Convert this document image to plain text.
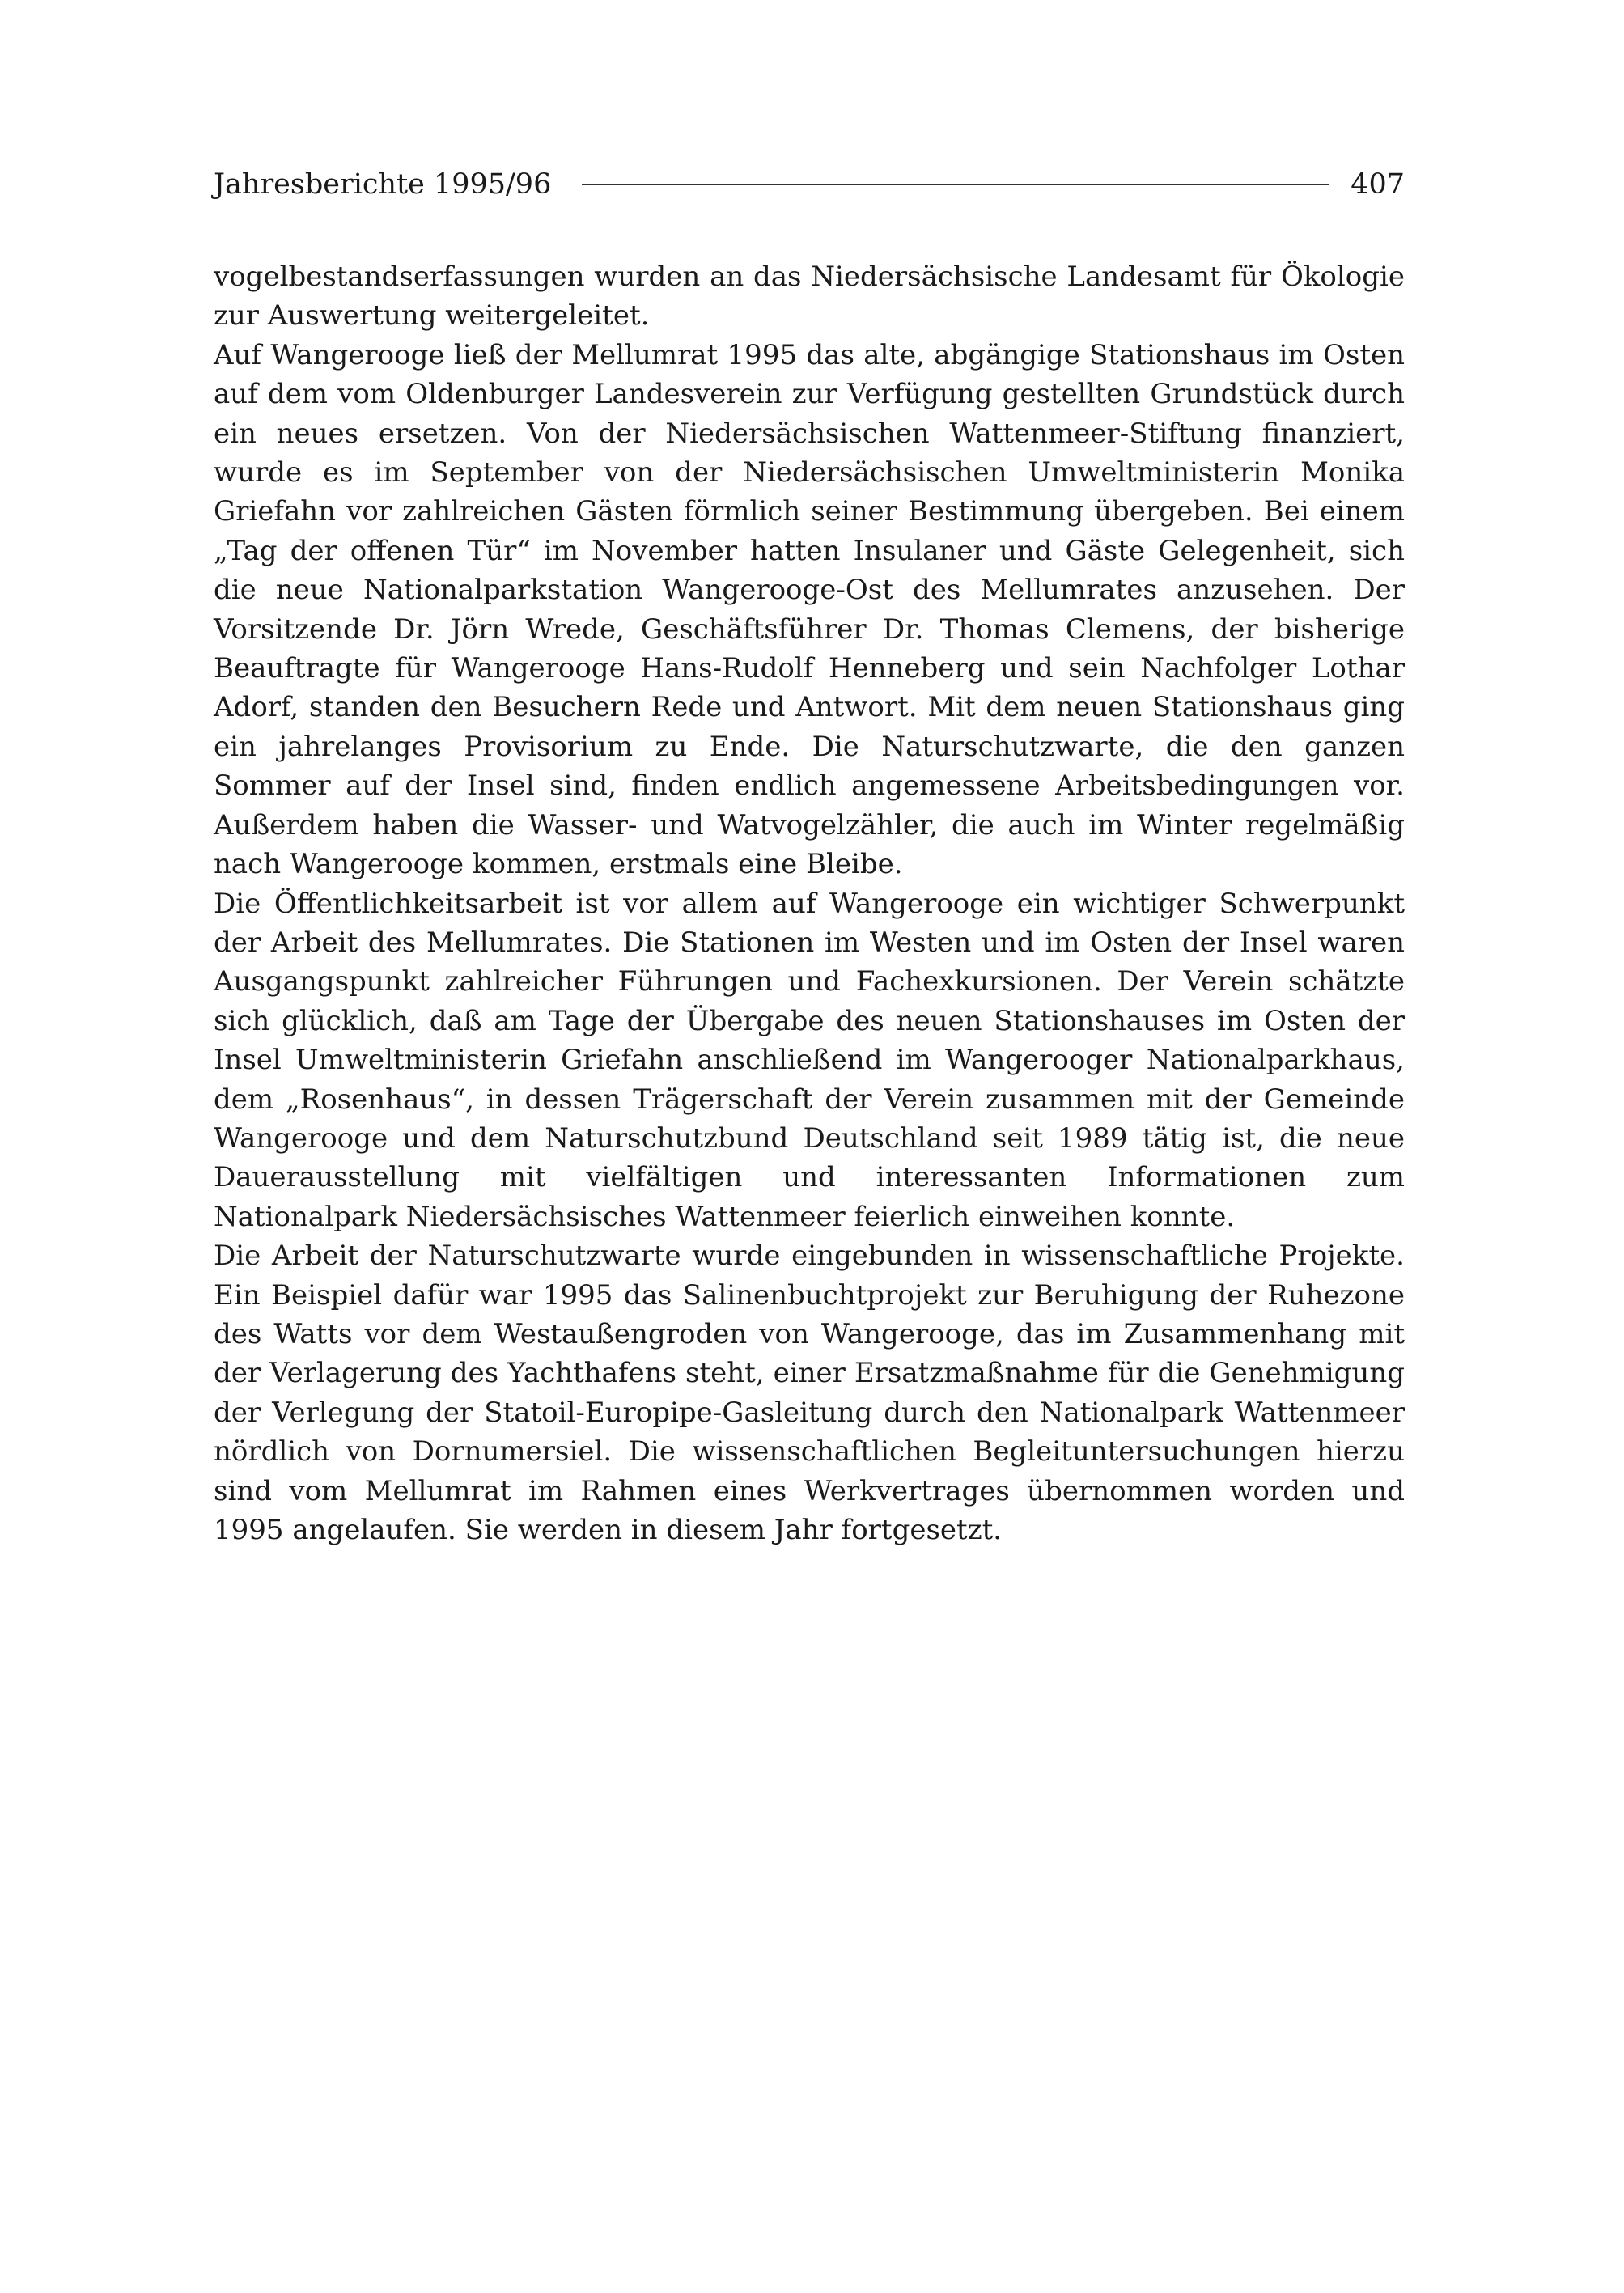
Jahresberichte 1995/96	407

vogelbestandserfassungen wurden an das Niedersächsische Landesamt für Ökologie zur Auswertung weitergeleitet.

Auf Wangerooge ließ der Mellumrat 1995 das alte, abgängige Stationshaus im Osten auf dem vom Oldenburger Landesverein zur Verfügung gestellten Grundstück durch ein neues ersetzen. Von der Niedersächsischen Wattenmeer-Stiftung finanziert, wurde es im September von der Niedersächsischen Umweltministerin Monika Griefahn vor zahlreichen Gästen förmlich seiner Bestimmung übergeben. Bei einem „Tag der offenen Tür“ im November hatten Insulaner und Gäste Gelegenheit, sich die neue Nationalparkstation Wangerooge-Ost des Mellumrates anzusehen. Der Vorsitzende Dr. Jörn Wrede, Geschäftsführer Dr. Thomas Clemens, der bisherige Beauftragte für Wangerooge Hans-Rudolf Henneberg und sein Nachfolger Lothar Adorf, standen den Besuchern Rede und Antwort. Mit dem neuen Stationshaus ging ein jahrelanges Provisorium zu Ende. Die Naturschutzwarte, die den ganzen Sommer auf der Insel sind, finden endlich angemessene Arbeitsbedingungen vor. Außerdem haben die Wasser- und Watvogelzähler, die auch im Winter regelmäßig nach Wangerooge kommen, erstmals eine Bleibe.

Die Öffentlichkeitsarbeit ist vor allem auf Wangerooge ein wichtiger Schwerpunkt der Arbeit des Mellumrates. Die Stationen im Westen und im Osten der Insel waren Ausgangspunkt zahlreicher Führungen und Fachexkursionen. Der Verein schätzte sich glücklich, daß am Tage der Übergabe des neuen Stationshauses im Osten der Insel Umweltministerin Griefahn anschließend im Wangerooger Nationalparkhaus, dem „Rosenhaus“, in dessen Trägerschaft der Verein zusammen mit der Gemeinde Wangerooge und dem Naturschutzbund Deutschland seit 1989 tätig ist, die neue Dauerausstellung mit vielfältigen und interessanten Informationen zum Nationalpark Niedersächsisches Wattenmeer feierlich einweihen konnte.

Die Arbeit der Naturschutzwarte wurde eingebunden in wissenschaftliche Projekte. Ein Beispiel dafür war 1995 das Salinenbuchtprojekt zur Beruhigung der Ruhezone des Watts vor dem Westaußengroden von Wangerooge, das im Zusammenhang mit der Verlagerung des Yachthafens steht, einer Ersatzmaßnahme für die Genehmigung der Verlegung der Statoil-Europipe-Gasleitung durch den Nationalpark Wattenmeer nördlich von Dornumersiel. Die wissenschaftlichen Begleituntersuchungen hierzu sind vom Mellumrat im Rahmen eines Werkvertrages übernommen worden und 1995 angelaufen. Sie werden in diesem Jahr fortgesetzt.
